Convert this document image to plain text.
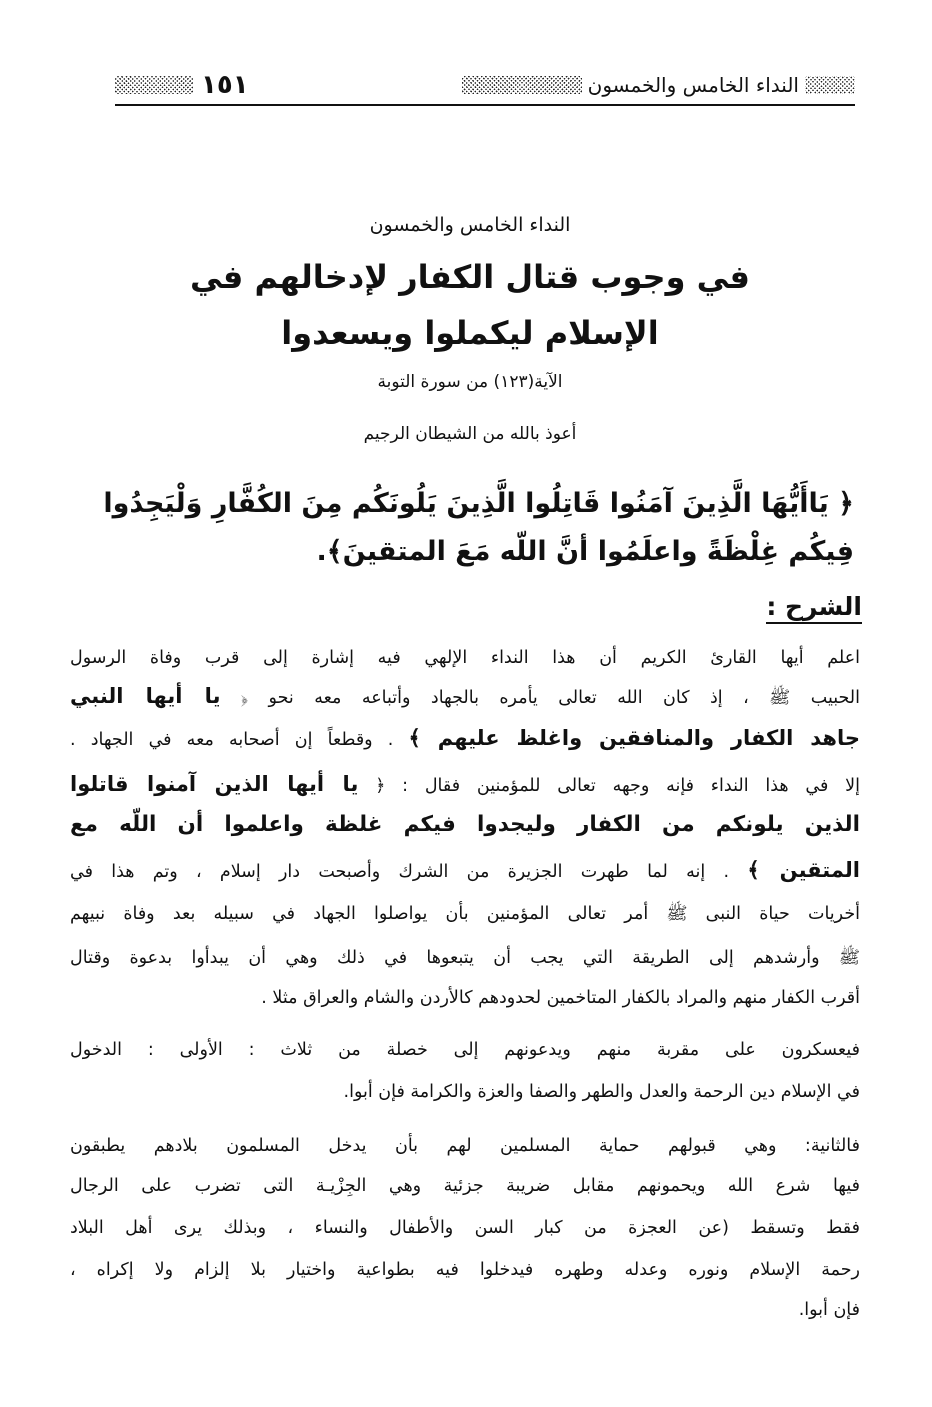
النداء الخامس والخمسون
١٥١
النداء الخامس والخمسون
في وجوب قتال الكفار لإدخالهم في
الإسلام ليكملوا ويسعدوا
الآية(١٢٣) من سورة التوبة
أعوذ بالله من الشيطان الرجيم
﴿ يَاأَيُّهَا الَّذِينَ آمَنُوا قَاتِلُوا الَّذِينَ يَلُونَكُم مِنَ الكُفَّارِ وَلْيَجِدُوا
فِيكُم غِلْظَةً واعلَمُوا أنَّ اللّه مَعَ المتقينَ﴾.
الشرح :
اعلم أيها القارئ الكريم أن هذا النداء الإلهي فيه إشارة إلى قرب وفاة الرسول
الحبيب ﷺ ، إذ كان الله تعالى يأمره بالجهاد وأتباعه معه نحو ﴿ يا أيها النبي
جاهد الكفار والمنافقين واغلظ عليهم ﴾ . وقطعاً إن أصحابه معه في الجهاد .
إلا في هذا النداء فإنه وجهه تعالى للمؤمنين فقال : ﴿ يا أيها الذين آمنوا قاتلوا
الذين يلونكم من الكفار وليجدوا فيكم غلظة واعلموا أن اللّه مع
المتقين ﴾ . إنه لما طهرت الجزيرة من الشرك وأصبحت دار إسلام ، وتم هذا في
أخريات حياة النبى ﷺ أمر تعالى المؤمنين بأن يواصلوا الجهاد في سبيله بعد وفاة نبيهم
ﷺ وأرشدهم إلى الطريقة التي يجب أن يتبعوها في ذلك وهي أن يبدأوا بدعوة وقتال
أقرب الكفار منهم والمراد بالكفار المتاخمين لحدودهم كالأردن والشام والعراق مثلا .
فيعسكرون على مقربة منهم ويدعونهم إلى خصلة من ثلاث : الأولى : الدخول
في الإسلام دين الرحمة والعدل والطهر والصفا والعزة والكرامة فإن أبوا.
فالثانية: وهي قبولهم حماية المسلمين لهم بأن يدخل المسلمون بلادهم يطبقون
فيها شرع الله ويحمونهم مقابل ضريبة جزئية وهي الجِزْيـة التى تضرب على الرجال
فقط وتسقط (عن العجزة من كبار السن والأطفال والنساء ، وبذلك يرى أهل البلاد
رحمة الإسلام ونوره وعدله وطهره فيدخلوا فيه بطواعية واختيار بلا إلزام ولا إكراه ،
فإن أبوا.
